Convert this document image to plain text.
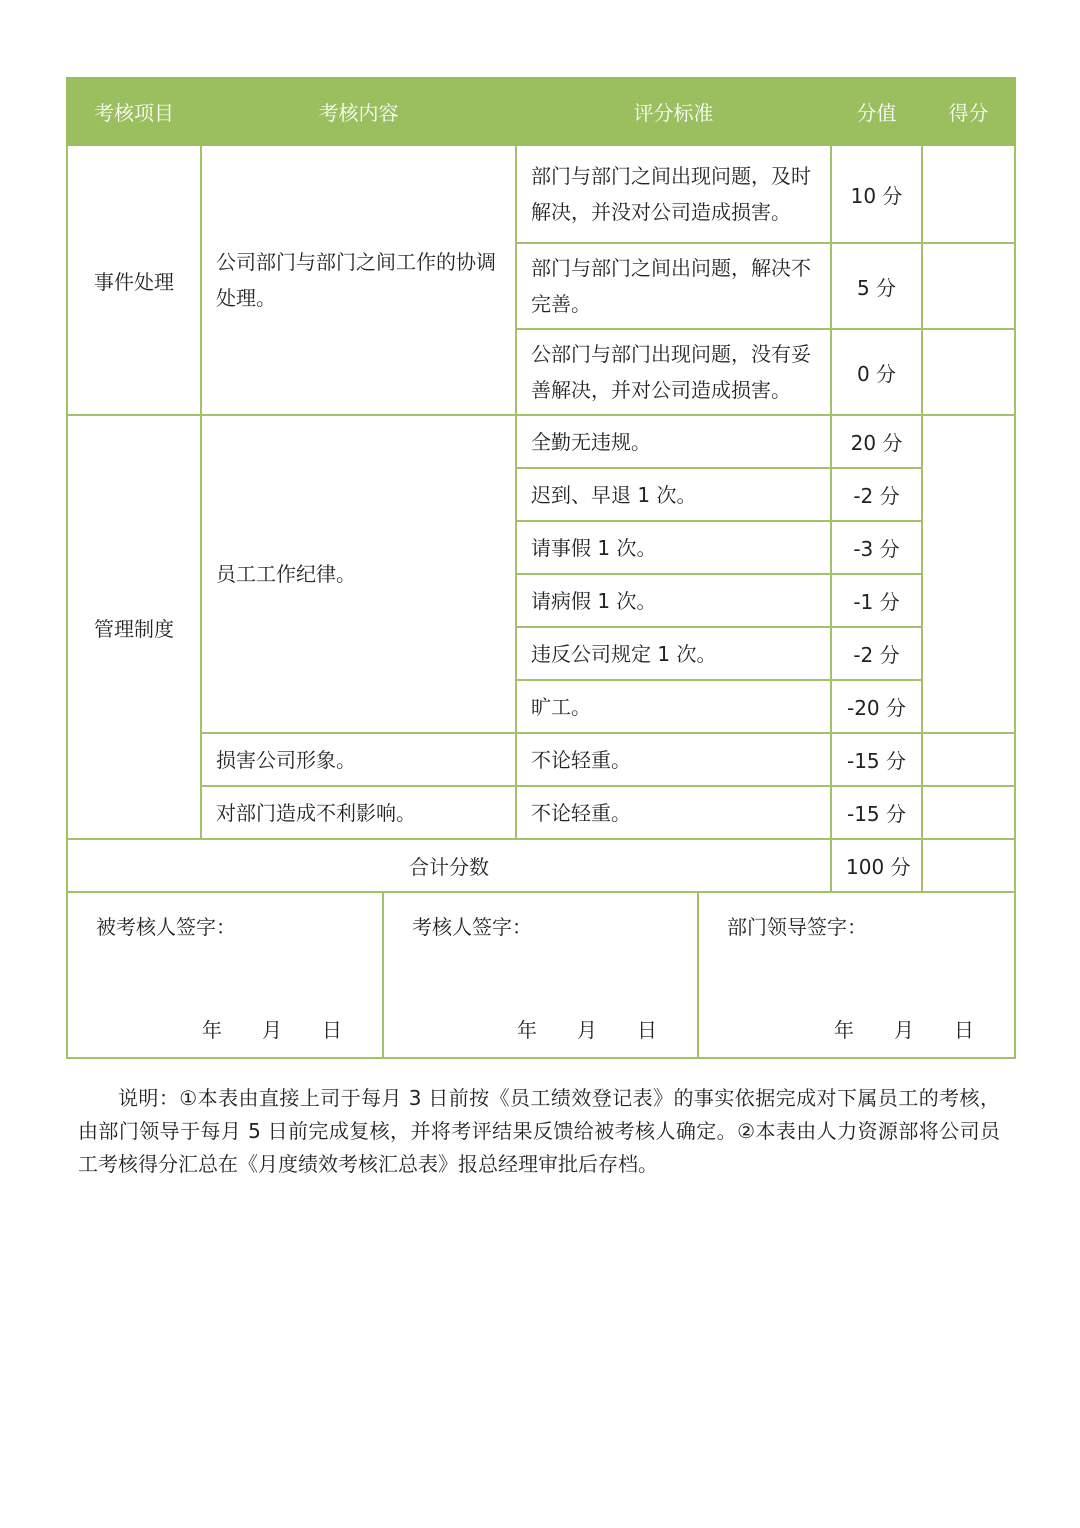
考核项目	考核内容	评分标准	分值	得分
事件处理	公司部门与部门之间工作的协调处理。	部门与部门之间出现问题，及时解决，并没对公司造成损害。	10 分	
		部门与部门之间出问题，解决不完善。	5 分	
		公部门与部门出现问题，没有妥善解决，并对公司造成损害。	0 分	
管理制度	员工工作纪律。	全勤无违规。	20 分	
		迟到、早退 1 次。	-2 分	
		请事假 1 次。	-3 分	
		请病假 1 次。	-1 分	
		违反公司规定 1 次。	-2 分	
		旷工。	-20 分	
	损害公司形象。	不论轻重。	-15 分	
	对部门造成不利影响。	不论轻重。	-15 分	
合计分数			100 分	
被考核人签字：
年 月 日

考核人签字：
年 月 日

部门领导签字：
年 月 日
说明：①本表由直接上司于每月 3 日前按《员工绩效登记表》的事实依据完成对下属员工的考核，由部门领导于每月 5 日前完成复核，并将考评结果反馈给被考核人确定。②本表由人力资源部将公司员工考核得分汇总在《月度绩效考核汇总表》报总经理审批后存档。
